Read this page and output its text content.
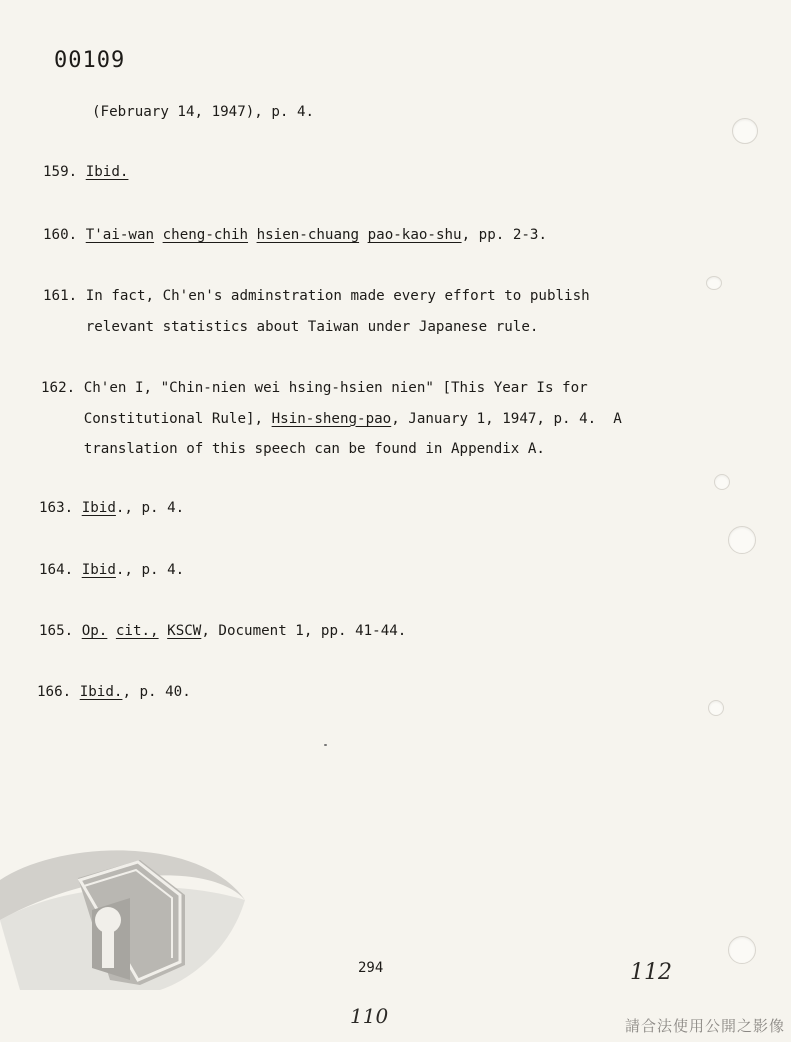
00109
(February 14, 1947), p. 4.
159. Ibid.
160. T'ai-wan cheng-chih hsien-chuang pao-kao-shu, pp. 2-3.
161. In fact, Ch'en's adminstration made every effort to publish
relevant statistics about Taiwan under Japanese rule.
162. Ch'en I, "Chin-nien wei hsing-hsien nien" [This Year Is for
Constitutional Rule], Hsin-sheng-pao, January 1, 1947, p. 4.  A
translation of this speech can be found in Appendix A.
163. Ibid., p. 4.
164. Ibid., p. 4.
165. Op. cit., KSCW, Document 1, pp. 41-44.
166. Ibid., p. 40.
294	112
110	請合法使用公開之影像
